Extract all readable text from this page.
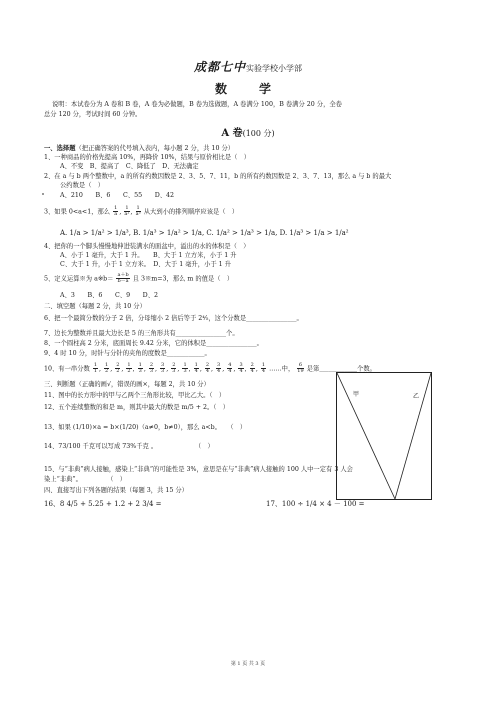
成都七中实验学校小学部
数　学
说明：本试卷分为 A 卷和 B 卷，A 卷为必做题，B 卷为选做题，A 卷满分 100，B 卷满分 20 分，全卷
总分 120 分，考试时间 60 分钟。
A 卷(100 分)
一、选择题（把正确答案的代号填入表内，每小题 2 分，共 10 分）
1、一种商品的价格先提高 10%，再降价 10%，结果与原价相比是（　）
A、不变　B、提高了　C、降低了　D、无法确定
2、在 a 与 b 两个整数中，a 的所有约数因数是 2、3、5、7、11，b 的所有约数因数是 2、3、7、13，那么 a 与 b 的最大
公约数是（　）
A、210　　B、6　　C、55　　D、42
3、如果 0<a<1，那么 $\frac{1}{a}$ , $\frac{1}{\text{a²}}$ , $\frac{1}{\text{a³}}$ 从大到小的排列顺序应该是（　）
A. 1/a > 1/a² > 1/a³, B. 1/a³ > 1/a² > 1/a, C. 1/a² > 1/a³ > 1/a, D. 1/a³ > 1/a > 1/a²
4、把你的一个脚头慢慢地伸进装满水的面盆中，溢出的水的体积是（　）
A、小于 1 毫升，大于 1 升。　　B、大于 1 立方米，小于 1 升
C、大于 1 升，小于 1 立方米。　D、大于 1 毫升，小于 1 升
5、定义运算※为 a※b＝ $\frac{a+b}{b-a}$ 且 3※m=3，那么 m 的值是（　）
A、3　　B、6　　C、9　　D、2
二、填空题（每题 2 分，共 10 分）
6、把一个最简分数的分子 2 倍，分母缩小 2 倍后等于 2⁴⁄₅，这个分数是________________。
7、边长为整数并且最大边长是 5 的三角形共有________________个。
8、一个圆柱高 2 分米，底面周长 9.42 分米，它的体积是________________。
9、4 时 10 分，时针与分针的夹角的度数是____________。
10、有一串分数 $\frac{1}{1}$ , $\frac{1}{2}$ , $\frac{2}{2}$ , $\frac{1}{2}$ , $\frac{1}{3}$ , $\frac{2}{3}$ , $\frac{3}{3}$ , $\frac{2}{3}$ , $\frac{1}{3}$ , $\frac{1}{4}$ , $\frac{2}{4}$ , $\frac{3}{4}$ , $\frac{4}{4}$ , $\frac{3}{4}$ , $\frac{2}{4}$ , $\frac{1}{4}$ ……中， $\frac{6}{19}$ 是第____________个数。
三、判断题（正确的画√，错误的画×，每题 2，共 10 分）
11、图中的长方形中的甲与乙两个三角形比较，甲比乙大。（　）
12、五个连续整数的和是 m，则其中最大的数是 m/5 + 2。（　）
13、如果 (1/10)×a = b×(1/20)（a≠0，b≠0），那么 a<b。　　（　）
14、73/100 千克可以写成 73%千克 。　　　　　　　（　）
15、与“非典”病人接触，感染上“非典”的可能性是 3%，意思是在与“非典”病人接触的 100 人中一定有 3 人会
染上“非典”。　　　　　（　）
四、直接写出下列各题的结果（每题 3，共 15 分）
16、8 4/5 + 5.25 + 1.2 + 2 3/4 =	17、100 ÷ 1/4 × 4 － 100 =
甲	乙
第 1 页 共 3 页
